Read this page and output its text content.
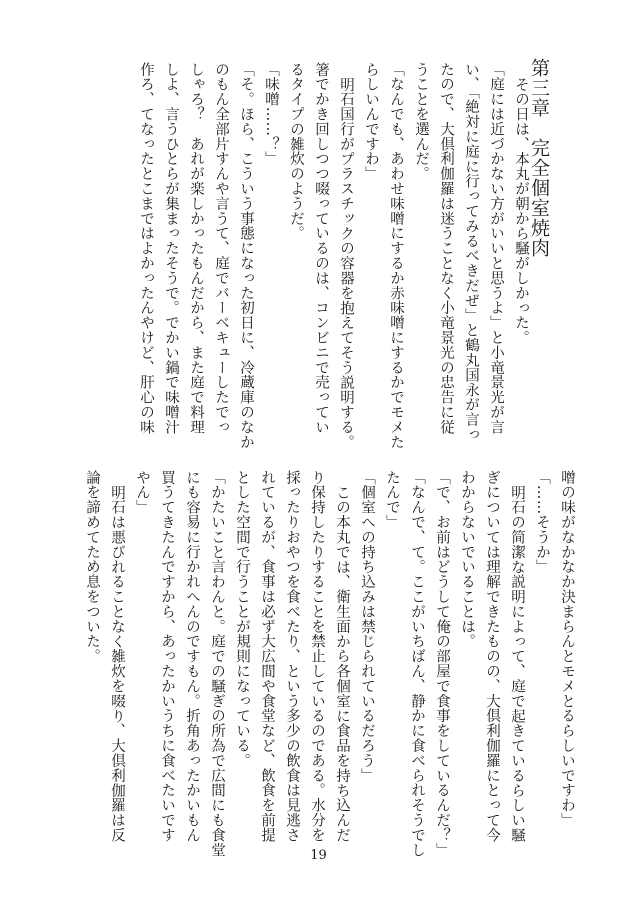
第三章　完全個室焼肉

その日は、本丸が朝から騒がしかった。

「庭には近づかない方がいいと思うよ」と小竜景光が言

い、「絶対に庭に行ってみるべきだぜ」と鶴丸国永が言っ

たので、大倶利伽羅は迷うことなく小竜景光の忠告に従

うことを選んだ。

「なんでも、あわせ味噌にするか赤味噌にするかでモメた

らしいんですわ」

明石国行がプラスチックの容器を抱えてそう説明する。

箸でかき回しつつ啜っているのは、コンビニで売ってい

るタイプの雑炊のようだ。

「味噌……？」

「そ。ほら、こういう事態になった初日に、冷蔵庫のなか

のもん全部片すんや言うて、庭でバーベキューしたでっ

しゃろ？　あれが楽しかったもんだから、また庭で料理

しよ、言うひとらが集まったそうで。でかい鍋で味噌汁

作ろ、てなったとこまではよかったんやけど、肝心の味

噌の味がなかなか決まらんとモメとるらしいですわ」

「……そうか」

明石の简潔な説明によって、庭で起きているらしい騒

ぎについては理解できたものの、大倶利伽羅にとって今

わからないでいることは。

「で、お前はどうして俺の部屋で食事をしているんだ？」

「なんで、て。ここがいちばん、静かに食べられそうでし

たんで」

「個室への持ち込みは禁じられているだろう」

この本丸では、衛生面から各個室に食品を持ち込んだ

り保持したりすることを禁止しているのである。水分を

採ったりおやつを食べたり、という多少の飲食は見逃さ

れているが、食事は必ず大広間や食堂など、飲食を前提

とした空間で行うことが規則になっている。

「かたいこと言わんと。庭での騒ぎの所為で広間にも食堂

にも容易に行かれへんのですもん。折角あったかいもん

買うてきたんですから、あったかいうちに食べたいです

やん」

明石は悪びれることなく雑炊を啜り、大倶利伽羅は反

論を諦めてため息をついた。

19
